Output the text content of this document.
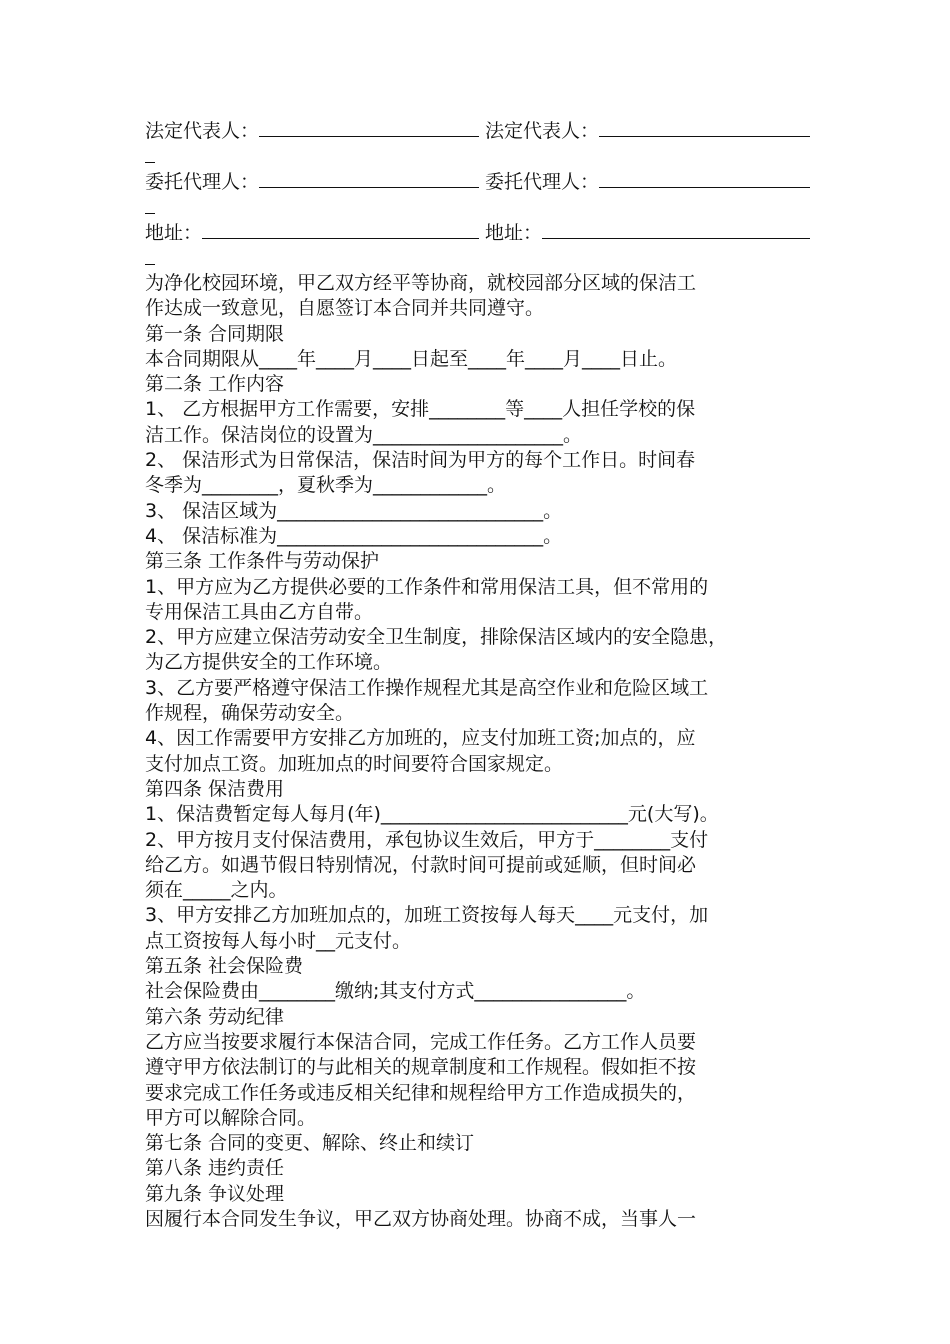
法定代表人：	法定代表人：
委托代理人：	委托代理人：
地址：	地址：
为净化校园环境，甲乙双方经平等协商，就校园部分区域的保洁工
作达成一致意见，自愿签订本合同并共同遵守。
第一条 合同期限
本合同期限从____年____月____日起至____年____月____日止。
第二条 工作内容
1、 乙方根据甲方工作需要，安排________等____人担任学校的保
洁工作。保洁岗位的设置为____________________。
2、 保洁形式为日常保洁，保洁时间为甲方的每个工作日。时间春
冬季为________，夏秋季为____________。
3、 保洁区域为____________________________。
4、 保洁标准为____________________________。
第三条 工作条件与劳动保护
1、甲方应为乙方提供必要的工作条件和常用保洁工具，但不常用的
专用保洁工具由乙方自带。
2、甲方应建立保洁劳动安全卫生制度，排除保洁区域内的安全隐患，
为乙方提供安全的工作环境。
3、乙方要严格遵守保洁工作操作规程尤其是高空作业和危险区域工
作规程，确保劳动安全。
4、因工作需要甲方安排乙方加班的，应支付加班工资;加点的，应
支付加点工资。加班加点的时间要符合国家规定。
第四条 保洁费用
1、保洁费暂定每人每月(年)__________________________元(大写)。
2、甲方按月支付保洁费用，承包协议生效后，甲方于________支付
给乙方。如遇节假日特别情况，付款时间可提前或延顺，但时间必
须在_____之内。
3、甲方安排乙方加班加点的，加班工资按每人每天____元支付，加
点工资按每人每小时__元支付。
第五条 社会保险费
社会保险费由________缴纳;其支付方式________________。
第六条 劳动纪律
乙方应当按要求履行本保洁合同，完成工作任务。乙方工作人员要
遵守甲方依法制订的与此相关的规章制度和工作规程。假如拒不按
要求完成工作任务或违反相关纪律和规程给甲方工作造成损失的，
甲方可以解除合同。
第七条 合同的变更、解除、终止和续订
第八条 违约责任
第九条 争议处理
因履行本合同发生争议，甲乙双方协商处理。协商不成，当事人一
